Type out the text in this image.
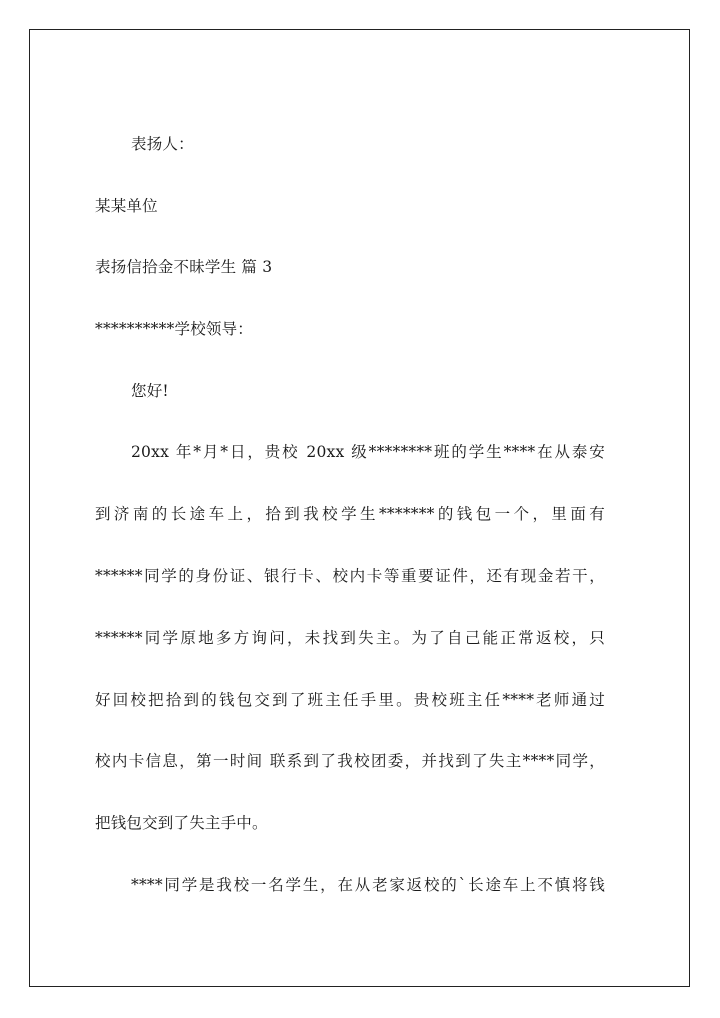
表扬人：
某某单位
表扬信拾金不昧学生 篇 3
**********学校领导：
您好!
20xx 年*月*日，贵校 20xx 级********班的学生****在从泰安
到济南的长途车上，拾到我校学生*******的钱包一个，里面有
******同学的身份证、银行卡、校内卡等重要证件，还有现金若干，
******同学原地多方询问，未找到失主。为了自己能正常返校，只
好回校把拾到的钱包交到了班主任手里。贵校班主任****老师通过
校内卡信息，第一时间 联系到了我校团委，并找到了失主****同学，
把钱包交到了失主手中。
****同学是我校一名学生，在从老家返校的`长途车上不慎将钱
